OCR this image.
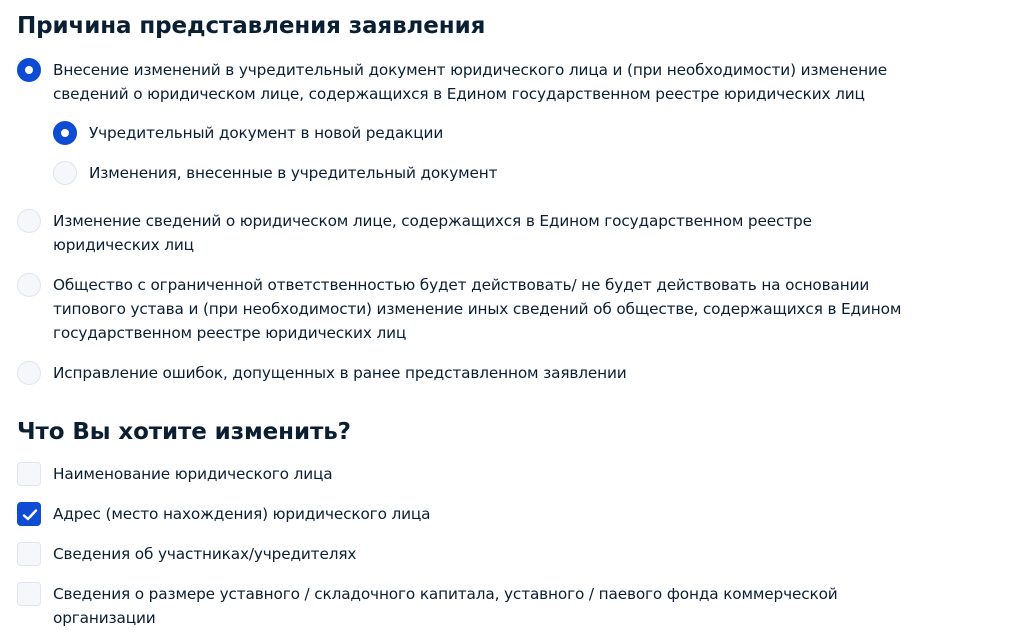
Причина представления заявления
Внесение изменений в учредительный документ юридического лица и (при необходимости) изменение сведений о юридическом лице, содержащихся в Едином государственном реестре юридических лиц
Учредительный документ в новой редакции
Изменения, внесенные в учредительный документ
Изменение сведений о юридическом лице, содержащихся в Едином государственном реестре юридических лиц
Общество с ограниченной ответственностью будет действовать/ не будет действовать на основании типового устава и (при необходимости) изменение иных сведений об обществе, содержащихся в Едином государственном реестре юридических лиц
Исправление ошибок, допущенных в ранее представленном заявлении
Что Вы хотите изменить?
Наименование юридического лица
Адрес (место нахождения) юридического лица
Сведения об участниках/учредителях
Сведения о размере уставного / складочного капитала, уставного / паевого фонда коммерческой организации
